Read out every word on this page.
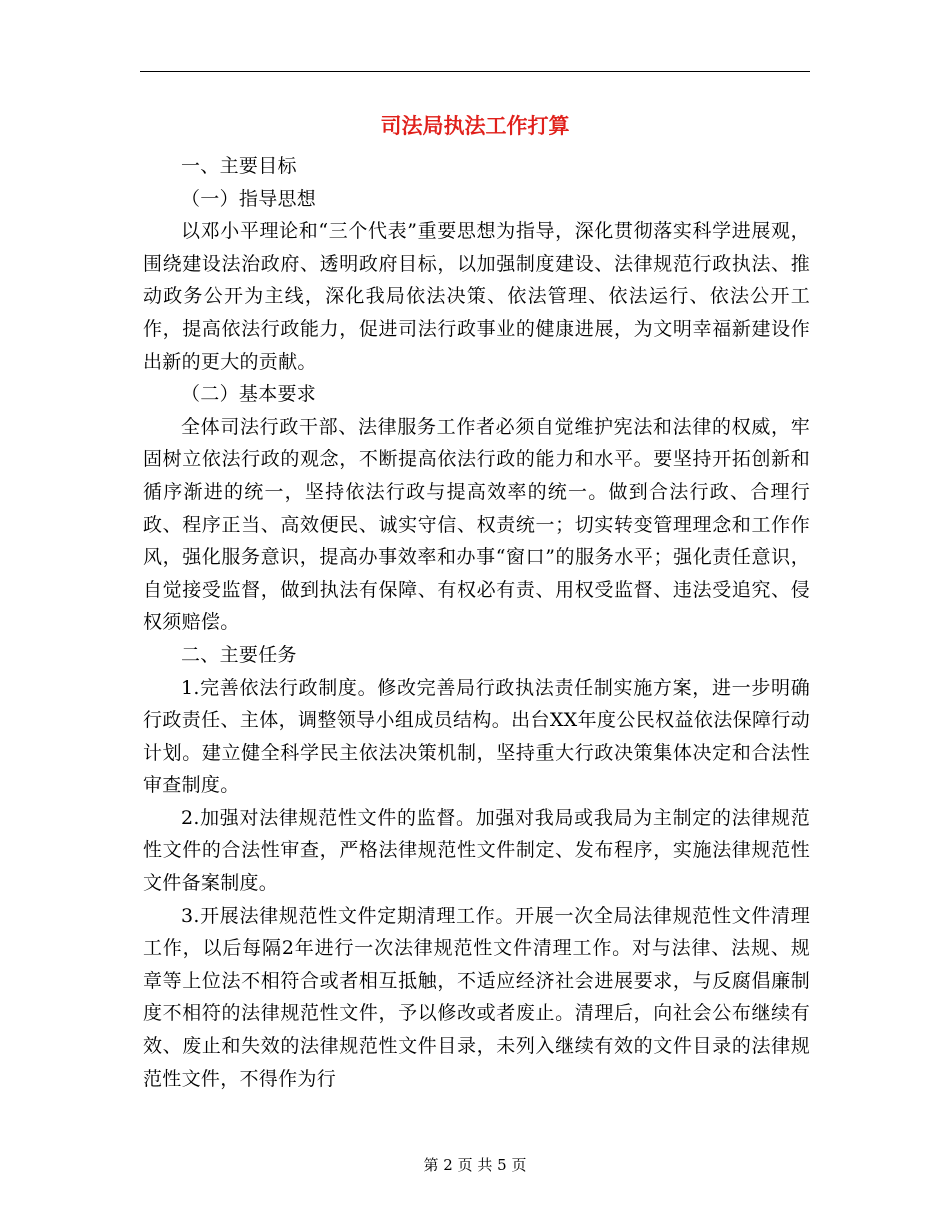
司法局执法工作打算

一、主要目标

（一）指导思想

以邓小平理论和“三个代表”重要思想为指导，深化贯彻落实科学进展观，围绕建设法治政府、透明政府目标，以加强制度建设、法律规范行政执法、推动政务公开为主线，深化我局依法决策、依法管理、依法运行、依法公开工作，提高依法行政能力，促进司法行政事业的健康进展，为文明幸福新建设作出新的更大的贡献。

（二）基本要求

全体司法行政干部、法律服务工作者必须自觉维护宪法和法律的权威，牢固树立依法行政的观念，不断提高依法行政的能力和水平。要坚持开拓创新和循序渐进的统一，坚持依法行政与提高效率的统一。做到合法行政、合理行政、程序正当、高效便民、诚实守信、权责统一；切实转变管理理念和工作作风，强化服务意识，提高办事效率和办事“窗口”的服务水平；强化责任意识，自觉接受监督，做到执法有保障、有权必有责、用权受监督、违法受追究、侵权须赔偿。

二、主要任务

1.完善依法行政制度。修改完善局行政执法责任制实施方案，进一步明确行政责任、主体，调整领导小组成员结构。出台XX年度公民权益依法保障行动计划。建立健全科学民主依法决策机制，坚持重大行政决策集体决定和合法性审查制度。

2.加强对法律规范性文件的监督。加强对我局或我局为主制定的法律规范性文件的合法性审查，严格法律规范性文件制定、发布程序，实施法律规范性文件备案制度。

3.开展法律规范性文件定期清理工作。开展一次全局法律规范性文件清理工作，以后每隔2年进行一次法律规范性文件清理工作。对与法律、法规、规章等上位法不相符合或者相互抵触，不适应经济社会进展要求，与反腐倡廉制度不相符的法律规范性文件，予以修改或者废止。清理后，向社会公布继续有效、废止和失效的法律规范性文件目录，未列入继续有效的文件目录的法律规范性文件，不得作为行

第 2 页 共 5 页
